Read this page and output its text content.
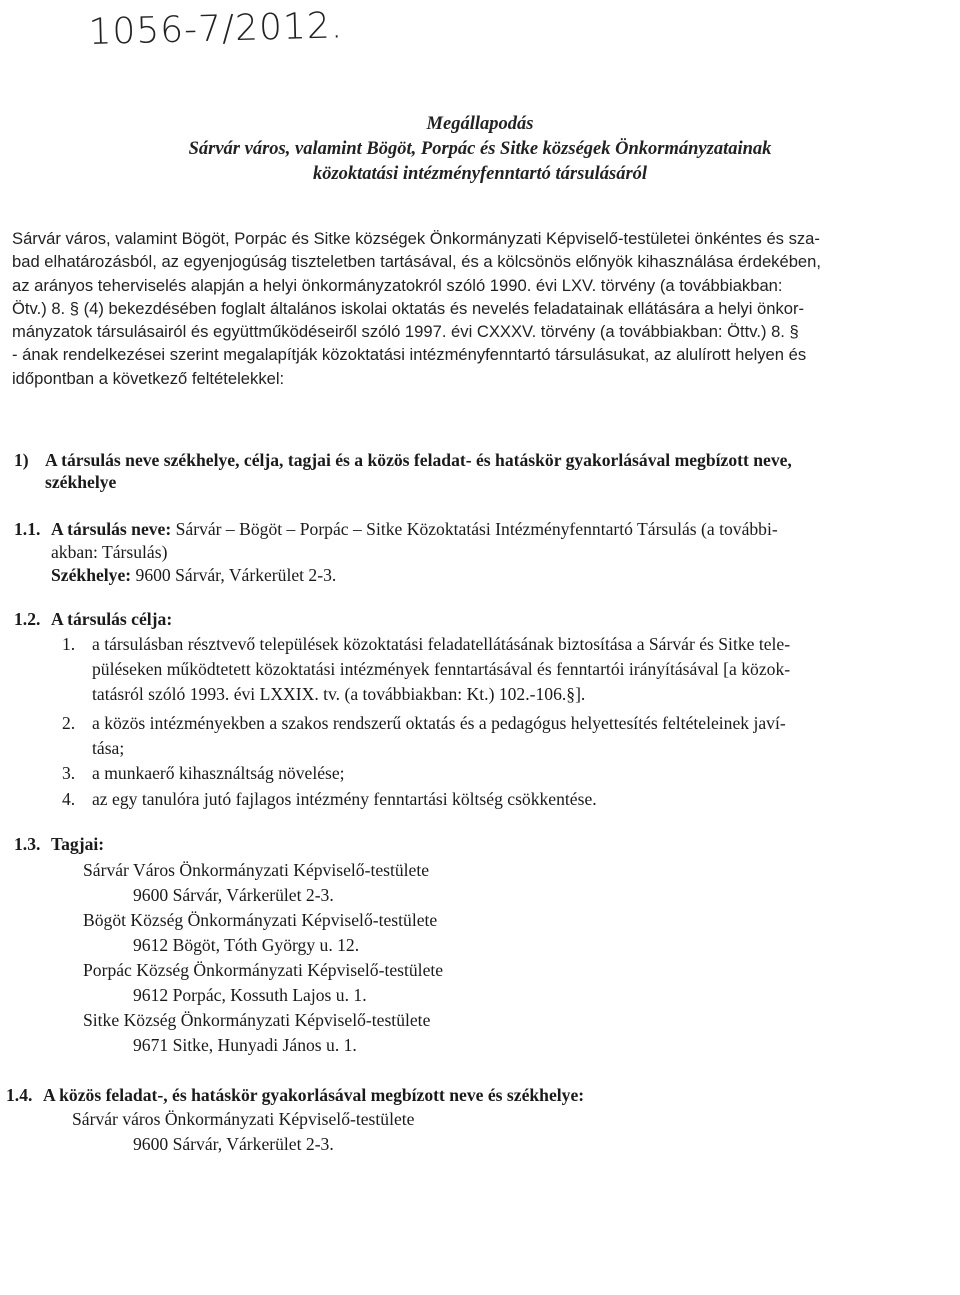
1056-7/2012.
Megállapodás
Sárvár város, valamint Bögöt, Porpác és Sitke községek Önkormányzatainak
közoktatási intézményfenntartó társulásáról
Sárvár város, valamint Bögöt, Porpác és Sitke községek Önkormányzati Képviselő-testületei önkéntes és sza-
bad elhatározásból, az egyenjogúság tiszteletben tartásával, és a kölcsönös előnyök kihasználása érdekében,
az arányos teherviselés alapján a helyi önkormányzatokról szóló 1990. évi LXV. törvény (a továbbiakban:
Ötv.) 8. § (4) bekezdésében foglalt általános iskolai oktatás és nevelés feladatainak ellátására a helyi önkor-
mányzatok társulásairól és együttműködéseiről szóló 1997. évi CXXXV. törvény (a továbbiakban: Öttv.) 8. §
- ának rendelkezései szerint megalapítják közoktatási intézményfenntartó társulásukat, az alulírott helyen és
időpontban a következő feltételekkel:
1) A társulás neve székhelye, célja, tagjai és a közös feladat- és hatáskör gyakorlásával megbízott neve,
székhelye
1.1. A társulás neve: Sárvár – Bögöt – Porpác – Sitke Közoktatási Intézményfenntartó Társulás (a további-
akban: Társulás)
Székhelye: 9600 Sárvár, Várkerület 2-3.
1.2. A társulás célja:
1. a társulásban résztvevő települések közoktatási feladatellátásának biztosítása a Sárvár és Sitke tele-
püléseken működtetett közoktatási intézmények fenntartásával és fenntartói irányításával [a közok-
tatásról szóló 1993. évi LXXIX. tv. (a továbbiakban: Kt.) 102.-106.§].
2. a közös intézményekben a szakos rendszerű oktatás és a pedagógus helyettesítés feltételeinek javí-
tása;
3. a munkaerő kihasználtság növelése;
4. az egy tanulóra jutó fajlagos intézmény fenntartási költség csökkentése.
1.3. Tagjai:
Sárvár Város Önkormányzati Képviselő-testülete
9600 Sárvár, Várkerület 2-3.
Bögöt Község Önkormányzati Képviselő-testülete
9612 Bögöt, Tóth György u. 12.
Porpác Község Önkormányzati Képviselő-testülete
9612 Porpác, Kossuth Lajos u. 1.
Sitke Község Önkormányzati Képviselő-testülete
9671 Sitke, Hunyadi János u. 1.
1.4. A közös feladat-, és hatáskör gyakorlásával megbízott neve és székhelye:
Sárvár város Önkormányzati Képviselő-testülete
9600 Sárvár, Várkerület 2-3.
